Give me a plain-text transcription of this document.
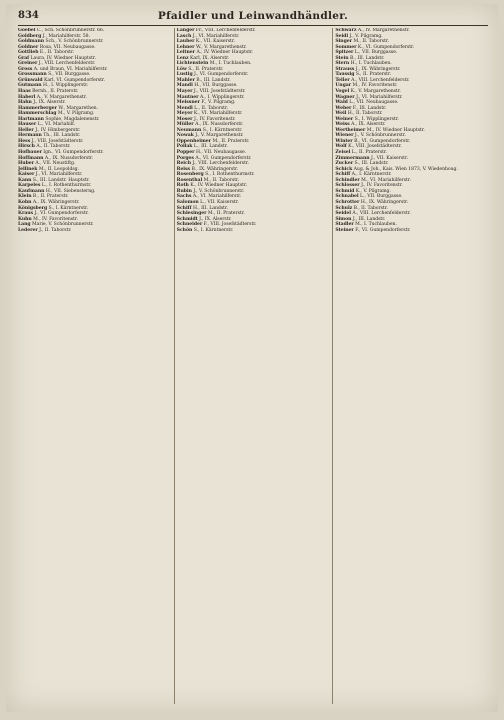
834	Pfaidler und Leinwandhändler.

Goebel C., Sch. Schönbrunnerstr. 66.

Goldberg J., Mariahilferstr. 58.

Goldmann Sch., V. Schönbrunnerstr.

Goldner Rosa, VII. Neubaugasse.

Gottlieb E., II. Taborstr.

Graf Laura, IV. Wiedner Hauptstr.

Greiner J., VIII. Lerchenfelderstr.

Gross A. und Braun, VI. Mariahilferstr.

Grossmann S., VII. Burggasse.

Grünwald Karl, VI. Gumpendorferstr.

Gutmann H., I. Wipplingerstr.

Haas Bernh., II. Praterstr.

Haberl A., V. Margarethenstr.

Hahn J., IX. Alserstr.

Hammerberger W., Margarethen.

Hammerschlag M., V. Pilgramg.

Hartmann Sophie, Magdalenenstr.

Hauser L., VI. Mariahilf.

Heller J., IV. Himbergerstr.

Hermann Th., III. Landstr.

Hess J., VIII. Josefstädterstr.

Hirsch A., II. Taborstr.

Hofbauer Ign., VI. Gumpendorferstr.

Hoffmann A., IX. Nussdorferstr.

Huber A., VII. Neustiftg.

Jellinek M., II. Leopoldsg.

Kaiser J., VI. Mariahilferstr.

Kann S., III. Landstr. Hauptstr.

Karpeles L., I. Rothenthurmstr.

Kaufmann H., VII. Siebensterng.

Klein B., II. Praterstr.

Kohn A., IX. Währingerstr.

Königsberg S., I. Kärntnerstr.

Kraus J., VI. Gumpendorferstr.

Kuhn M., IV. Favoritenstr.

Lang Marie, V. Schönbrunnerstr.

Lederer J., II. Taborstr.

Langer Fr., VIII. Lerchenfelderstr.

Lasch J., VI. Mariahilferstr.

Lauber K., VII. Kaiserstr.

Lehner W., V. Margarethenstr.

Leitner A., IV. Wiedner Hauptstr.

Lenz Karl, IX. Alserstr.

Lichtenstein M., I. Tuchlauben.

Löw S., II. Praterstr.

Lustig J., VI. Gumpendorferstr.

Mahler B., III. Landstr.

Mandl H., VII. Burggasse.

Mayer J., VIII. Josefstädterstr.

Mautner A., I. Wipplingerstr.

Meissner F., V. Pilgramg.

Mendl L., II. Taborstr.

Meyer K., VI. Mariahilferstr.

Moser J., IV. Favoritenstr.

Müller A., IX. Nussdorferstr.

Neumann S., I. Kärntnerstr.

Nowak J., V. Margarethenstr.

Oppenheimer M., II. Praterstr.

Pollak L., III. Landstr.

Popper H., VII. Neubaugasse.

Porges A., VI. Gumpendorferstr.

Reich J., VIII. Lerchenfelderstr.

Reiss B., IX. Währingerstr.

Rosenberg S., I. Rothenthurmstr.

Rosenthal M., II. Taborstr.

Roth K., IV. Wiedner Hauptstr.

Rubin J., V. Schönbrunnerstr.

Sachs A., VI. Mariahilferstr.

Salomon L., VII. Kaiserstr.

Schiff H., III. Landstr.

Schlesinger M., II. Praterstr.

Schmidt J., IX. Alserstr.

Schneider F., VIII. Josefstädterstr.

Schön S., I. Kärntnerstr.

Schwarz A., IV. Margarethenstr.

Seidl J., V. Pilgramg.

Singer M., II. Taborstr.

Sommer K., VI. Gumpendorferstr.

Spitzer L., VII. Burggasse.

Stein B., III. Landstr.

Stern H., I. Tuchlauben.

Strauss J., IX. Währingerstr.

Taussig S., II. Praterstr.

Teller A., VIII. Lerchenfelderstr.

Ungar M., IV. Favoritenstr.

Vogel K., V. Margarethenstr.

Wagner J., VI. Mariahilferstr.

Wald L., VII. Neubaugasse.

Weber F., III. Landstr.

Weil H., II. Taborstr.

Weiner S., I. Wipplingerstr.

Weiss A., IX. Alserstr.

Wertheimer M., IV. Wiedner Hauptstr.

Wiener J., V. Schönbrunnerstr.

Winter B., VI. Gumpendorferstr.

Wolf K., VIII. Josefstädterstr.

Zeisel L., II. Praterstr.

Zimmermann J., VII. Kaiserstr.

Zucker S., III. Landstr.

Schick Aug. & Joh., Kais. Wien 1873, V. Wiedenhoug.

Schiff A., I. Kärntnerstr.

Schindler M., VI. Mariahilferstr.

Schlosser J., IV. Favoritenstr.

Schmid K., V. Pilgramg.

Schnabel L., VII. Burggasse.

Schrotter H., IX. Währingerstr.

Schulz B., II. Taborstr.

Seidel A., VIII. Lerchenfelderstr.

Simon J., III. Landstr.

Stadler M., I. Tuchlauben.

Steiner F., VI. Gumpendorferstr.
